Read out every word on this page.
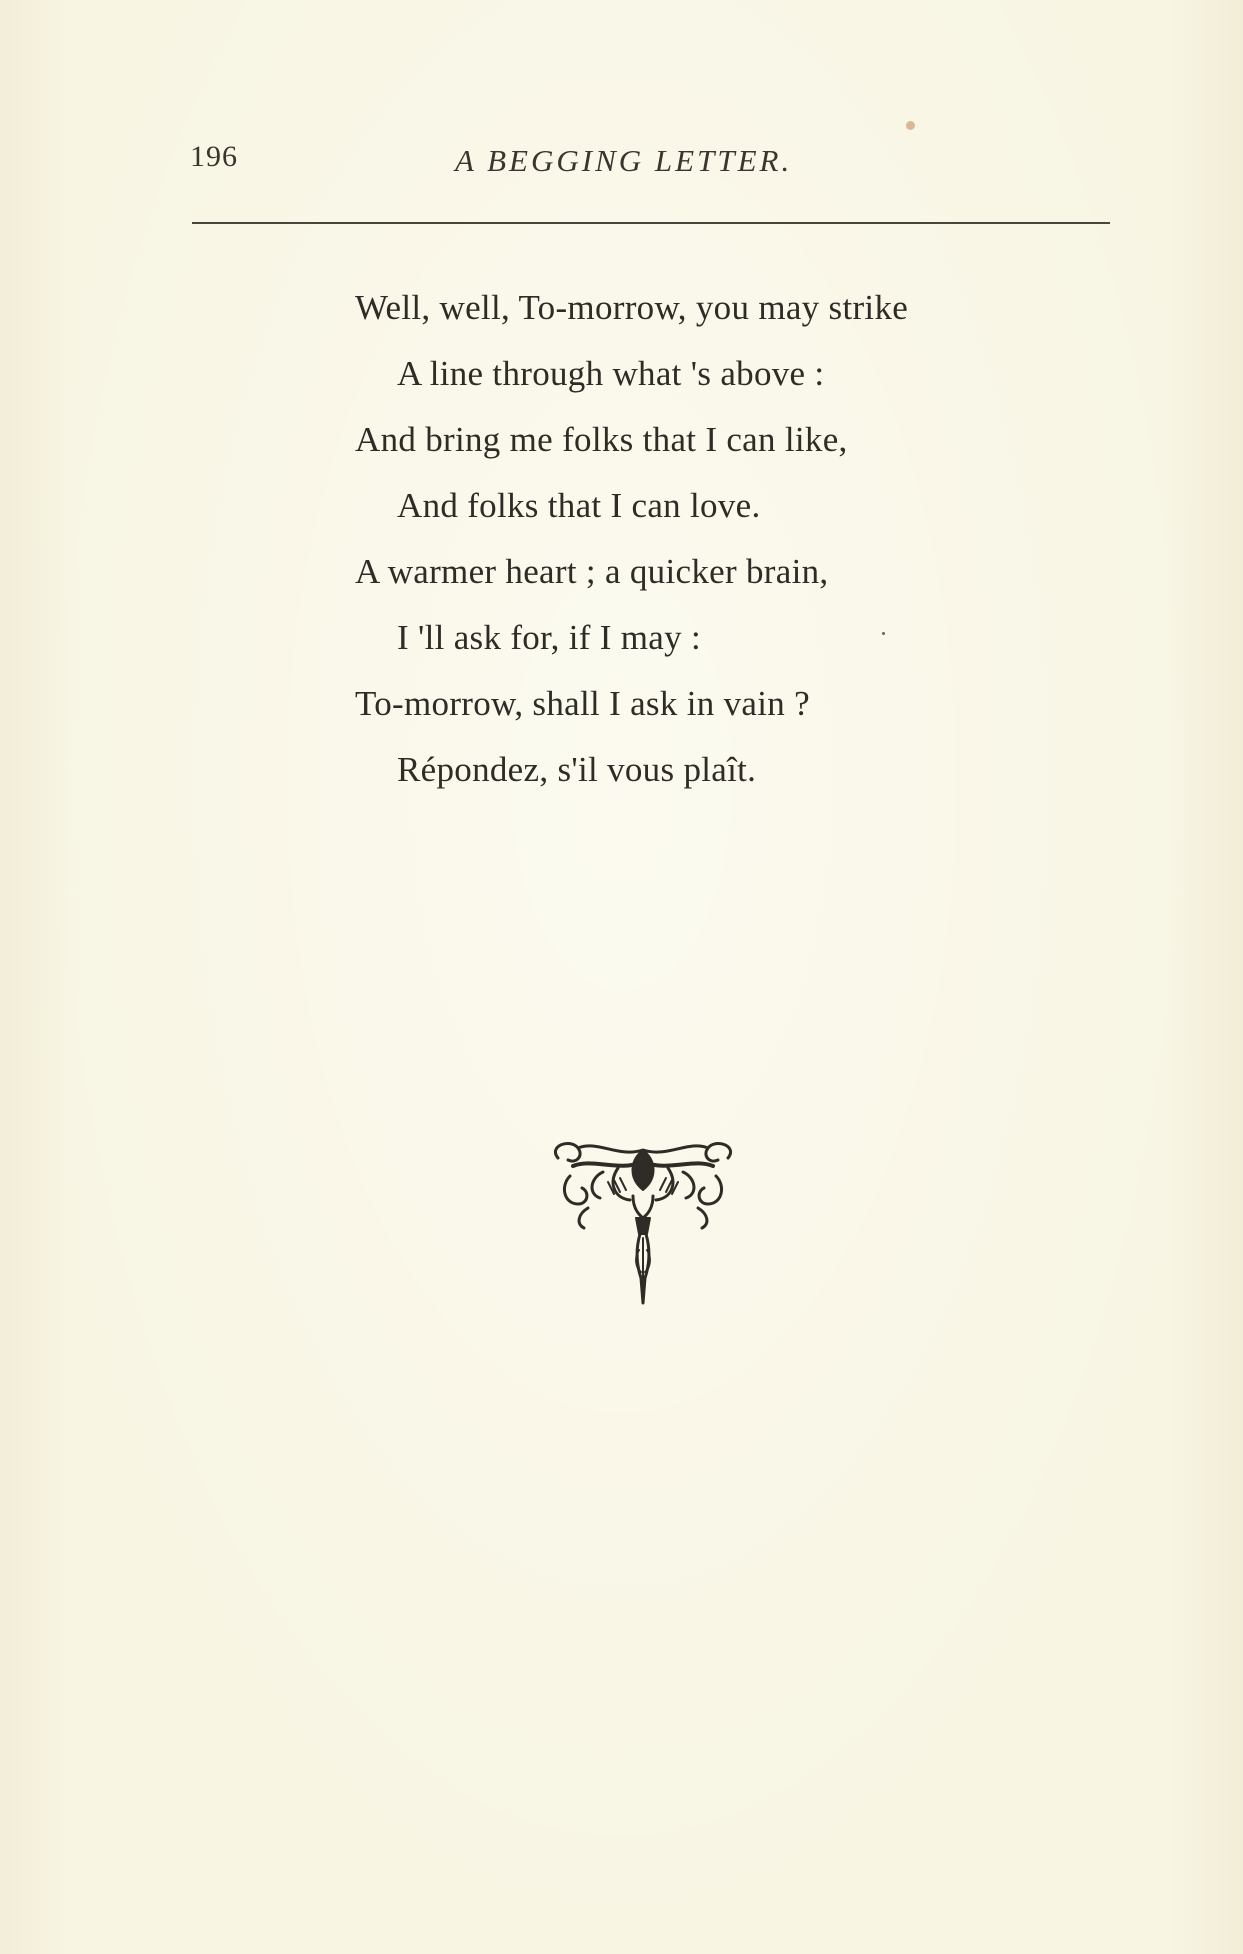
196	A BEGGING LETTER.
Well, well, To-morrow, you may strike
A line through what 's above :
And bring me folks that I can like,
And folks that I can love.
A warmer heart ; a quicker brain,
I 'll ask for, if I may :
To-morrow, shall I ask in vain ?
Répondez, s'il vous plaît.
